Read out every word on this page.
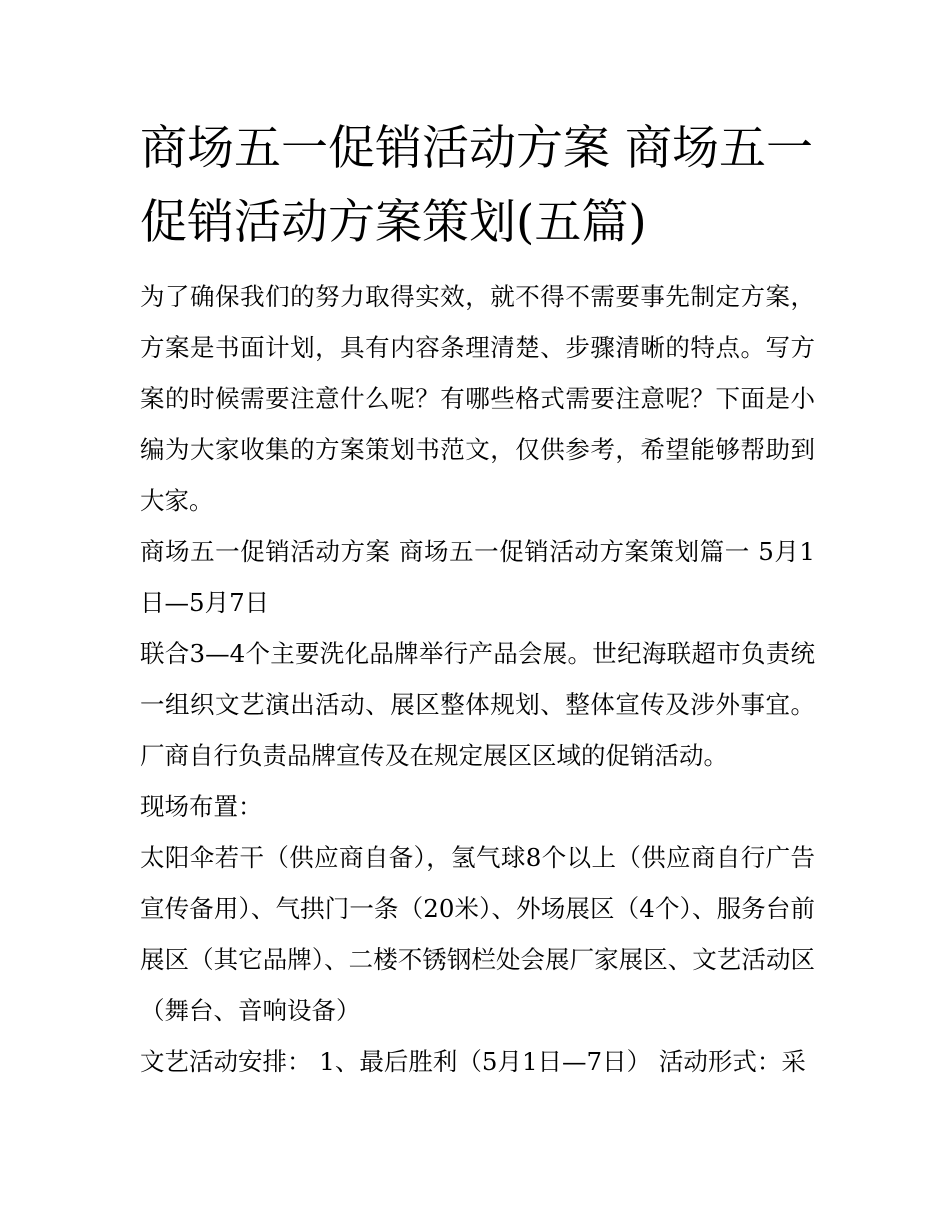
商场五一促销活动方案 商场五一促销活动方案策划(五篇)

为了确保我们的努力取得实效，就不得不需要事先制定方案，方案是书面计划，具有内容条理清楚、步骤清晰的特点。写方案的时候需要注意什么呢？有哪些格式需要注意呢？下面是小编为大家收集的方案策划书范文，仅供参考，希望能够帮助到大家。

商场五一促销活动方案 商场五一促销活动方案策划篇一 5月1日—5月7日

联合3—4个主要洗化品牌举行产品会展。世纪海联超市负责统一组织文艺演出活动、展区整体规划、整体宣传及涉外事宜。厂商自行负责品牌宣传及在规定展区区域的促销活动。

现场布置：

太阳伞若干（供应商自备），氢气球8个以上（供应商自行广告宣传备用）、气拱门一条（20米）、外场展区（4个）、服务台前展区（其它品牌）、二楼不锈钢栏处会展厂家展区、文艺活动区（舞台、音响设备）

文艺活动安排： 1、最后胜利（5月1日—7日） 活动形式：采
